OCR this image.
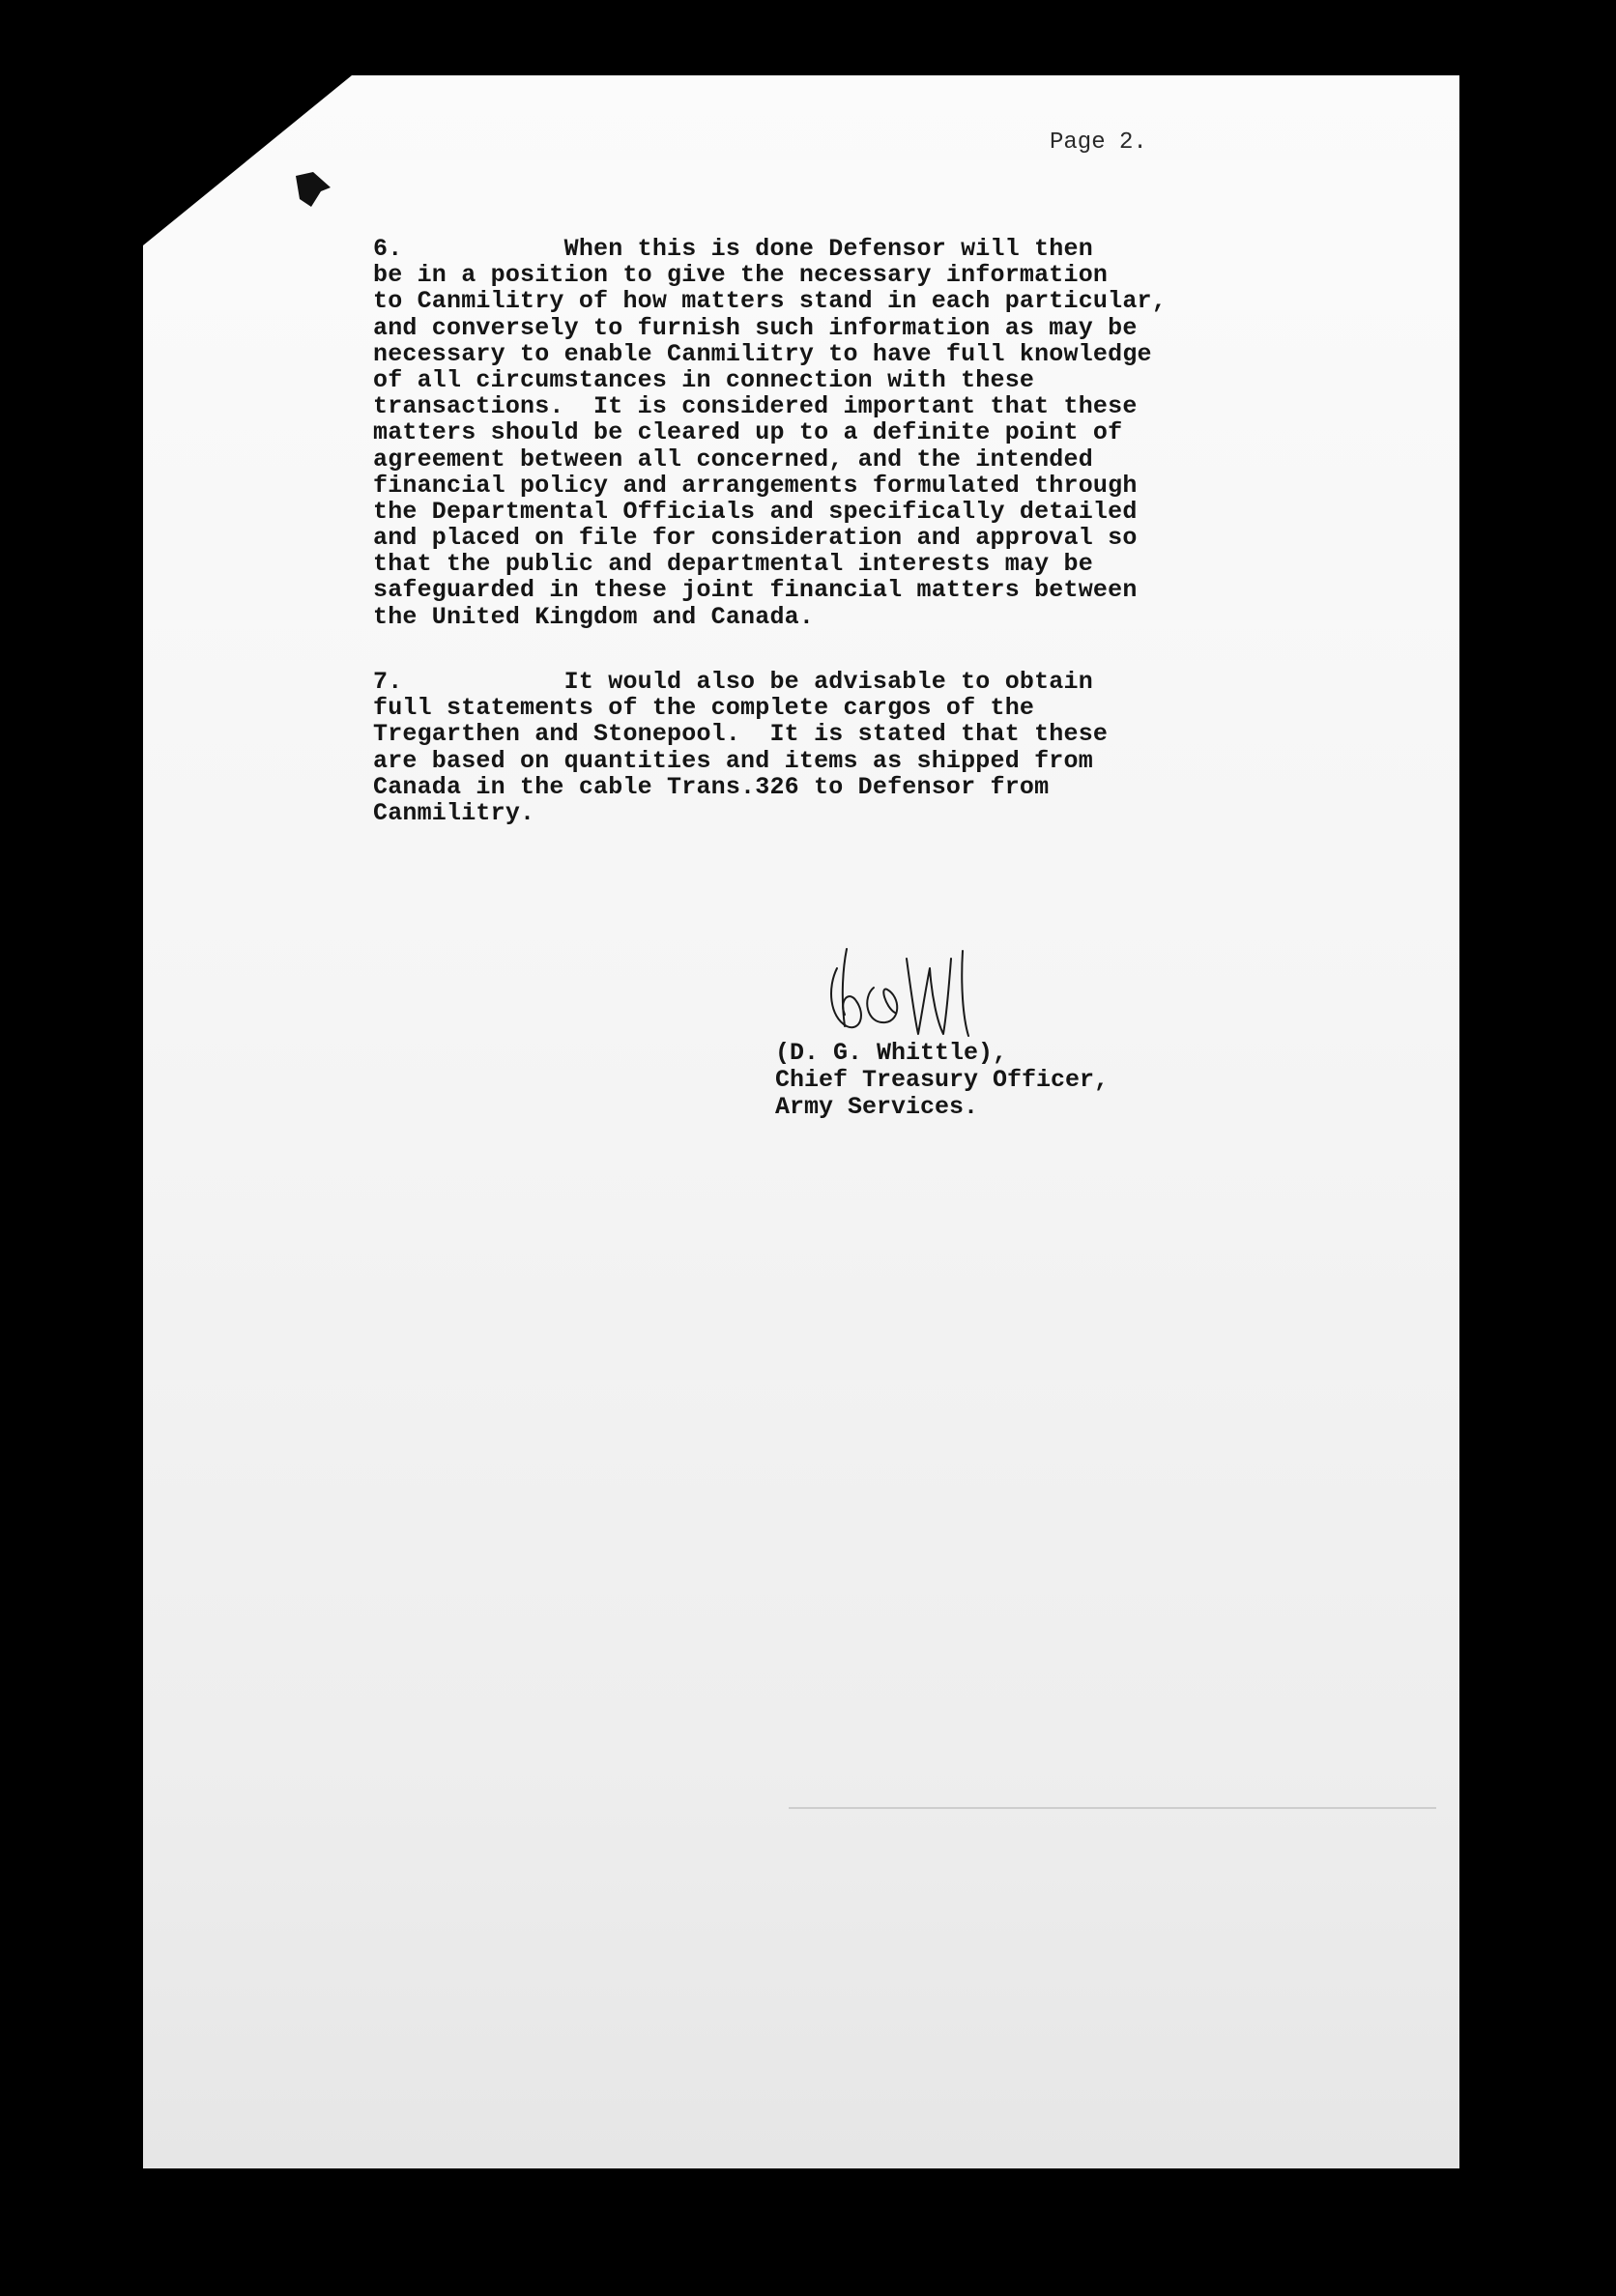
Page 2.
6.           When this is done Defensor will then
be in a position to give the necessary information
to Canmilitry of how matters stand in each particular,
and conversely to furnish such information as may be
necessary to enable Canmilitry to have full knowledge
of all circumstances in connection with these
transactions.  It is considered important that these
matters should be cleared up to a definite point of
agreement between all concerned, and the intended
financial policy and arrangements formulated through
the Departmental Officials and specifically detailed
and placed on file for consideration and approval so
that the public and departmental interests may be
safeguarded in these joint financial matters between
the United Kingdom and Canada.
7.           It would also be advisable to obtain
full statements of the complete cargos of the
Tregarthen and Stonepool.  It is stated that these
are based on quantities and items as shipped from
Canada in the cable Trans.326 to Defensor from
Canmilitry.
(D. G. Whittle),
Chief Treasury Officer,
Army Services.
